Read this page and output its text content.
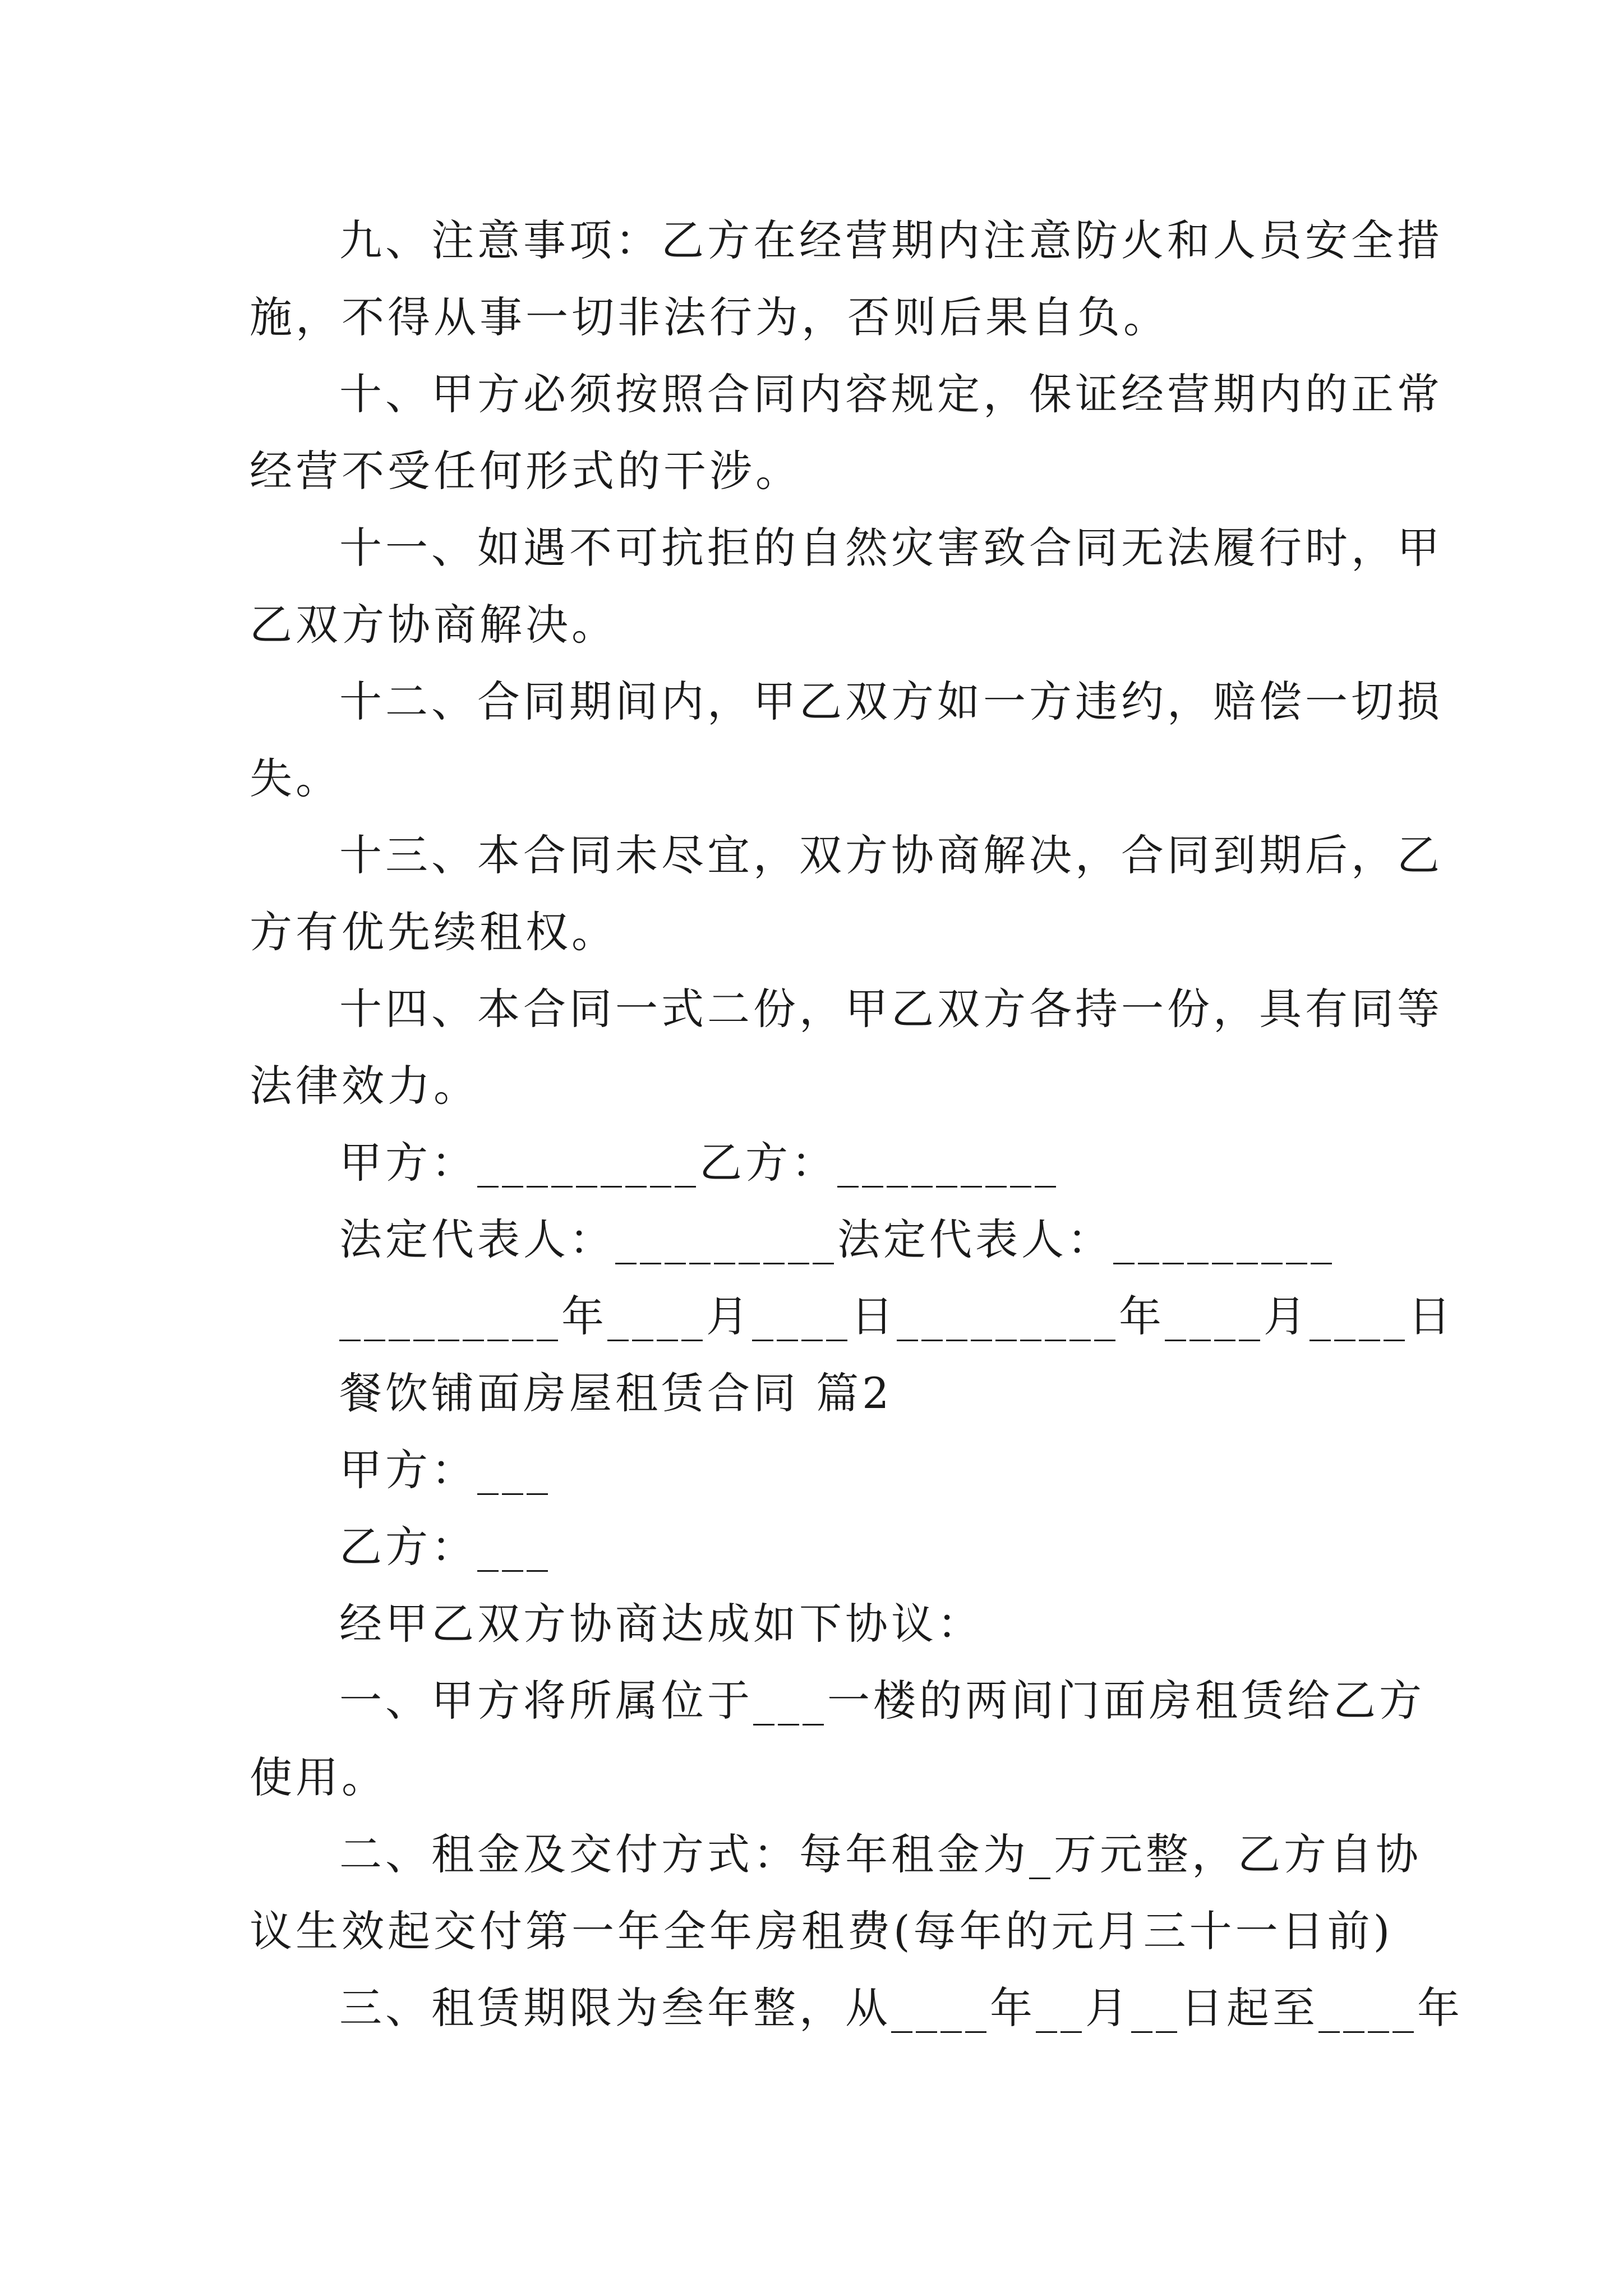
九、注意事项：乙方在经营期内注意防火和人员安全措
施，不得从事一切非法行为，否则后果自负。
十、甲方必须按照合同内容规定，保证经营期内的正常
经营不受任何形式的干涉。
十一、如遇不可抗拒的自然灾害致合同无法履行时，甲
乙双方协商解决。
十二、合同期间内，甲乙双方如一方违约，赔偿一切损
失。
十三、本合同未尽宜，双方协商解决，合同到期后，乙
方有优先续租权。
十四、本合同一式二份，甲乙双方各持一份，具有同等
法律效力。
甲方：_________乙方：_________
法定代表人：_________法定代表人：_________
_________年____月____日_________年____月____日
餐饮铺面房屋租赁合同 篇2
甲方：___
乙方：___
经甲乙双方协商达成如下协议：
一、甲方将所属位于___一楼的两间门面房租赁给乙方
使用。
二、租金及交付方式：每年租金为_万元整，乙方自协
议生效起交付第一年全年房租费(每年的元月三十一日前)
三、租赁期限为叁年整，从____年__月__日起至____年
